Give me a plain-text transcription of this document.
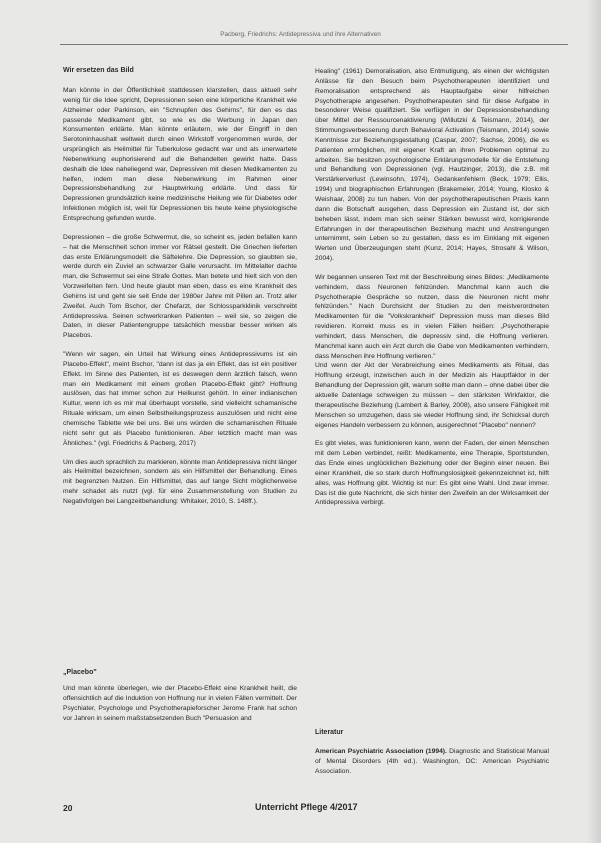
Pacberg, Friedrichs: Antidepressiva und ihre Alternativen
Wir ersetzen das Bild

Man könnte in der Öffentlichkeit stattdessen klarstellen, dass aktuell sehr wenig für die Idee spricht, Depressionen seien eine körperliche Krankheit wie Alzheimer oder Parkinson, ein "Schnupfen des Gehirns", für den es das passende Medikament gibt, so wie es die Werbung in Japan den Konsumenten erklärte. Man könnte erläutern, wie der Eingriff in den Serotoninhaushalt weltweit durch einen Wirkstoff vorgenommen wurde, der ursprünglich als Heilmittel für Tuberkulose gedacht war und als unerwartete Nebenwirkung euphorisierend auf die Behandelten gewirkt hatte. Dass deshalb die Idee naheliegend war, Depressiven mit diesen Medikamenten zu helfen, indem man diese Nebenwirkung im Rahmen einer Depressionsbehandlung zur Hauptwirkung erklärte. Und dass für Depressionen grundsätzlich keine medizinische Heilung wie für Diabetes oder Infektionen möglich ist, weil für Depressionen bis heute keine physiologische Entsprechung gefunden wurde.

Depressionen – die große Schwermut, die, so scheint es, jeden befallen kann – hat die Menschheit schon immer vor Rätsel gestellt. Die Griechen lieferten das erste Erklärungsmodell: die Säftelehre. Die Depression, so glaubten sie, werde durch ein Zuviel an schwarzer Galle verursacht. Im Mittelalter dachte man, die Schwermut sei eine Strafe Gottes. Man betete und hielt sich von den Vorzweifelten fern. Und heute glaubt man eben, dass es eine Krankheit des Gehirns ist und geht sie seit Ende der 1980er Jahre mit Pillen an. Trotz aller Zweifel. Auch Tom Bschor, der Chefarzt, der Schlossparkklinik verschreibt Antidepressiva. Seinen schwerkranken Patienten – weil sie, so zeigen die Daten, in dieser Patientengruppe tatsächlich messbar besser wirken als Placebos.

"Wenn wir sagen, ein Urteil hat Wirkung eines Antidepressivums ist ein Placebo-Effekt", meint Bschor, "dann ist das ja ein Effekt, das ist ein positiver Effekt. Im Sinne des Patienten, ist es deswegen denn ärztlich falsch, wenn man ein Medikament mit einem großen Placebo-Effekt gibt? Hoffnung auslösen, das hat immer schon zur Heilkunst gehört. In einer indianischen Kultur, wenn ich es mir mal überhaupt vorstelle, sind vielleicht schamanische Rituale wirksam, um einen Selbstheilungsprozess auszulösen und nicht eine chemische Tablette wie bei uns. Bei uns würden die schamanischen Rituale nicht sehr gut als Placebo funktionieren. Aber letztlich macht man was Ähnliches." (vgl. Friedrichs & Pacberg, 2017)

Um dies auch sprachlich zu markieren, könnte man Antidepressiva nicht länger als Heilmittel bezeichnen, sondern als ein Hilfsmittel der Behandlung. Eines mit begrenzten Nutzen. Ein Hilfsmittel, das auf lange Sicht möglicherweise mehr schadet als nutzt (vgl. für eine Zusammenstellung von Studien zu Negativfolgen bei Langzeitbehandlung: Whitaker, 2010, S. 148ff.).

„Placebo"

Und man könnte überlegen, wie der Placebo-Effekt eine Krankheit heilt, die offensichtlich auf die Induktion von Hoffnung nur in vielen Fällen vermittelt. Der Psychiater, Psychologe und Psychotherapieforscher Jerome Frank hat schon vor Jahren in seinem maßstabsetzenden Buch "Persuasion and

Healing" (1961) Demoralisation, also Entmutigung, als einen der wichtigsten Anlässe für den Besuch beim Psychotherapeuten identifiziert und Remoralisation entsprechend als Hauptaufgabe einer hilfreichen Psychotherapie angesehen. Psychotherapeuten sind für diese Aufgabe in besonderer Weise qualifiziert. Sie verfügen in der Depressionsbehandlung über Mittel der Ressourcenaktivierung (Willutzki & Teismann, 2014), der Stimmungsverbesserung durch Behavioral Activation (Teismann, 2014) sowie Kenntnisse zur Beziehungsgestaltung (Caspar, 2007; Sachse, 2006), die es Patienten ermöglichen, mit eigener Kraft an ihren Problemen optimal zu arbeiten. Sie besitzen psychologische Erklärungsmodelle für die Entstehung und Behandlung von Depressionen (vgl. Hautzinger, 2013), die z.B. mit Verstärkerverlust (Lewinsohn, 1974), Gedankenfehlern (Beck, 1979; Ellis, 1994) und biographischen Erfahrungen (Brakemeier, 2014; Young, Klosko & Weishaar, 2008) zu tun haben. Von der psychotherapeutischen Praxis kann dann die Botschaft ausgehen, dass Depression ein Zustand ist, der sich beheben lässt, indem man sich seiner Stärken bewusst wird, korrigierende Erfahrungen in der therapeutischen Beziehung macht und Anstrengungen unternimmt, sein Leben so zu gestalten, dass es im Einklang mit eigenen Werten und Überzeugungen steht (Kunz, 2014; Hayes, Strosahl & Wilson, 2004).

Wir begannen unseren Text mit der Beschreibung eines Bildes: „Medikamente verhindern, dass Neuronen fehlzünden. Manchmal kann auch die Psychotherapie Gespräche so nutzen, dass die Neuronen nicht mehr fehlzünden." Nach Durchsicht der Studien zu den meistverordneten Medikamenten für die "Volkskrankheit" Depression muss man dieses Bild revidieren. Korrekt muss es in vielen Fällen heißen: „Psychotherapie verhindert, dass Menschen, die depressiv sind, die Hoffnung verlieren. Manchmal kann auch ein Arzt durch die Gabe von Medikamenten verhindern, dass Menschen ihre Hoffnung verlieren."

Und wenn der Akt der Verabreichung eines Medikaments als Ritual, das Hoffnung erzeugt, inzwischen auch in der Medizin als Hauptfaktor in der Behandlung der Depression gilt, warum sollte man dann – ohne dabei über die aktuelle Datenlage schweigen zu müssen – den stärksten Wirkfaktor, die therapeutische Beziehung (Lambert & Barley, 2008), also unsere Fähigkeit mit Menschen so umzugehen, dass sie wieder Hoffnung sind, ihr Schicksal durch eigenes Handeln verbessern zu können, ausgerechnet "Placebo" nennen?

Es gibt vieles, was funktionieren kann, wenn der Faden, der einen Menschen mit dem Leben verbindet, reißt: Medikamente, eine Therapie, Sportstunden, das Ende eines unglücklichen Beziehung oder der Beginn einer neuen. Bei einer Krankheit, die so stark durch Hoffnungslosigkeit gekennzeichnet ist, hilft alles, was Hoffnung gibt. Wichtig ist nur: Es gibt eine Wahl. Und zwar immer. Das ist die gute Nachricht, die sich hinter den Zweifeln an der Wirksamkeit der Antidepressiva verbirgt.

Literatur

American Psychiatric Association (1994). Diagnostic and Statistical Manual of Mental Disorders (4th ed.). Washington, DC: American Psychiatric Association.

20	Unterricht Pflege 4/2017
